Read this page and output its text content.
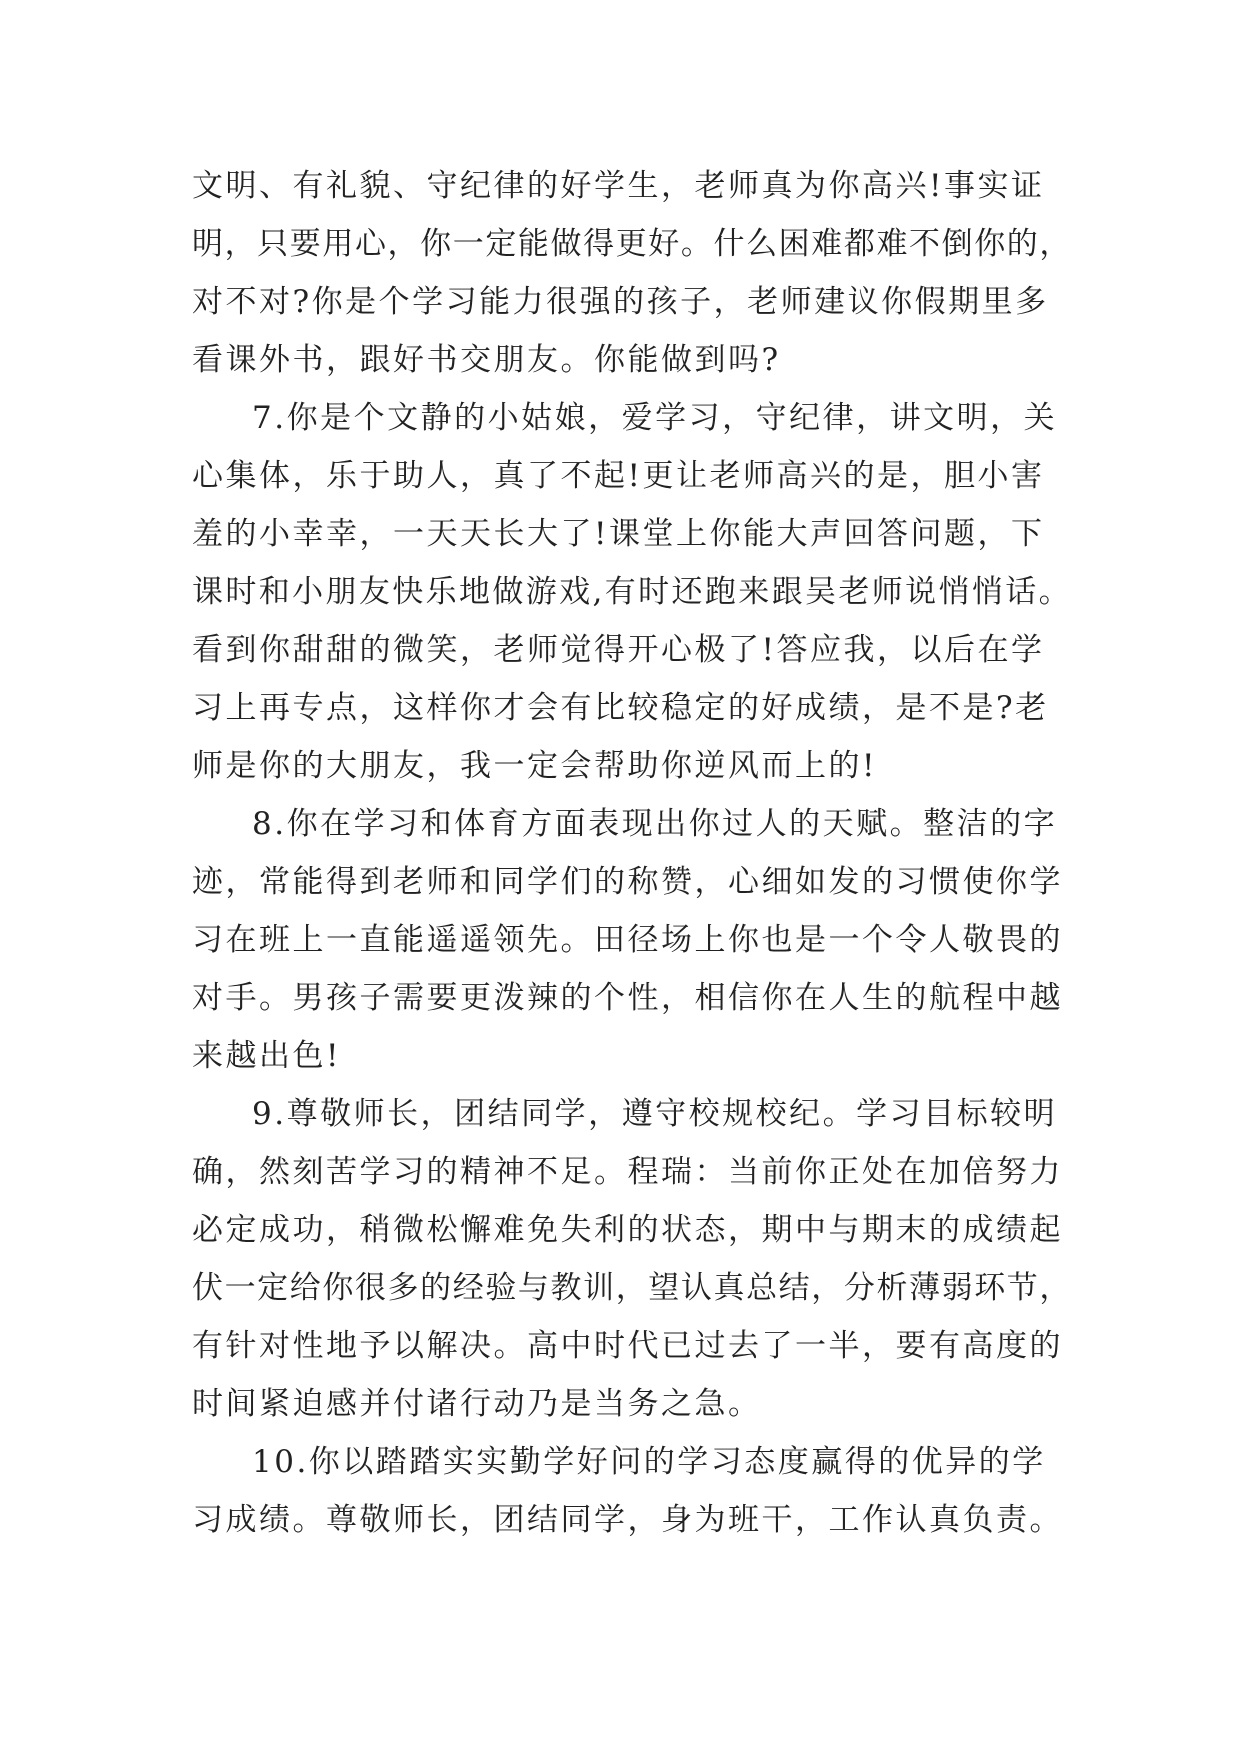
文明、有礼貌、守纪律的好学生，老师真为你高兴!事实证
明，只要用心，你一定能做得更好。什么困难都难不倒你的，
对不对?你是个学习能力很强的孩子，老师建议你假期里多
看课外书，跟好书交朋友。你能做到吗?
7.你是个文静的小姑娘，爱学习，守纪律，讲文明，关
心集体，乐于助人，真了不起!更让老师高兴的是，胆小害
羞的小幸幸，一天天长大了!课堂上你能大声回答问题，下
课时和小朋友快乐地做游戏,有时还跑来跟吴老师说悄悄话。
看到你甜甜的微笑，老师觉得开心极了!答应我，以后在学
习上再专点，这样你才会有比较稳定的好成绩，是不是?老
师是你的大朋友，我一定会帮助你逆风而上的!
8.你在学习和体育方面表现出你过人的天赋。整洁的字
迹，常能得到老师和同学们的称赞，心细如发的习惯使你学
习在班上一直能遥遥领先。田径场上你也是一个令人敬畏的
对手。男孩子需要更泼辣的个性，相信你在人生的航程中越
来越出色!
9.尊敬师长，团结同学，遵守校规校纪。学习目标较明
确，然刻苦学习的精神不足。程瑞：当前你正处在加倍努力
必定成功，稍微松懈难免失利的状态，期中与期末的成绩起
伏一定给你很多的经验与教训，望认真总结，分析薄弱环节，
有针对性地予以解决。高中时代已过去了一半，要有高度的
时间紧迫感并付诸行动乃是当务之急。
10.你以踏踏实实勤学好问的学习态度赢得的优异的学
习成绩。尊敬师长，团结同学，身为班干，工作认真负责。
